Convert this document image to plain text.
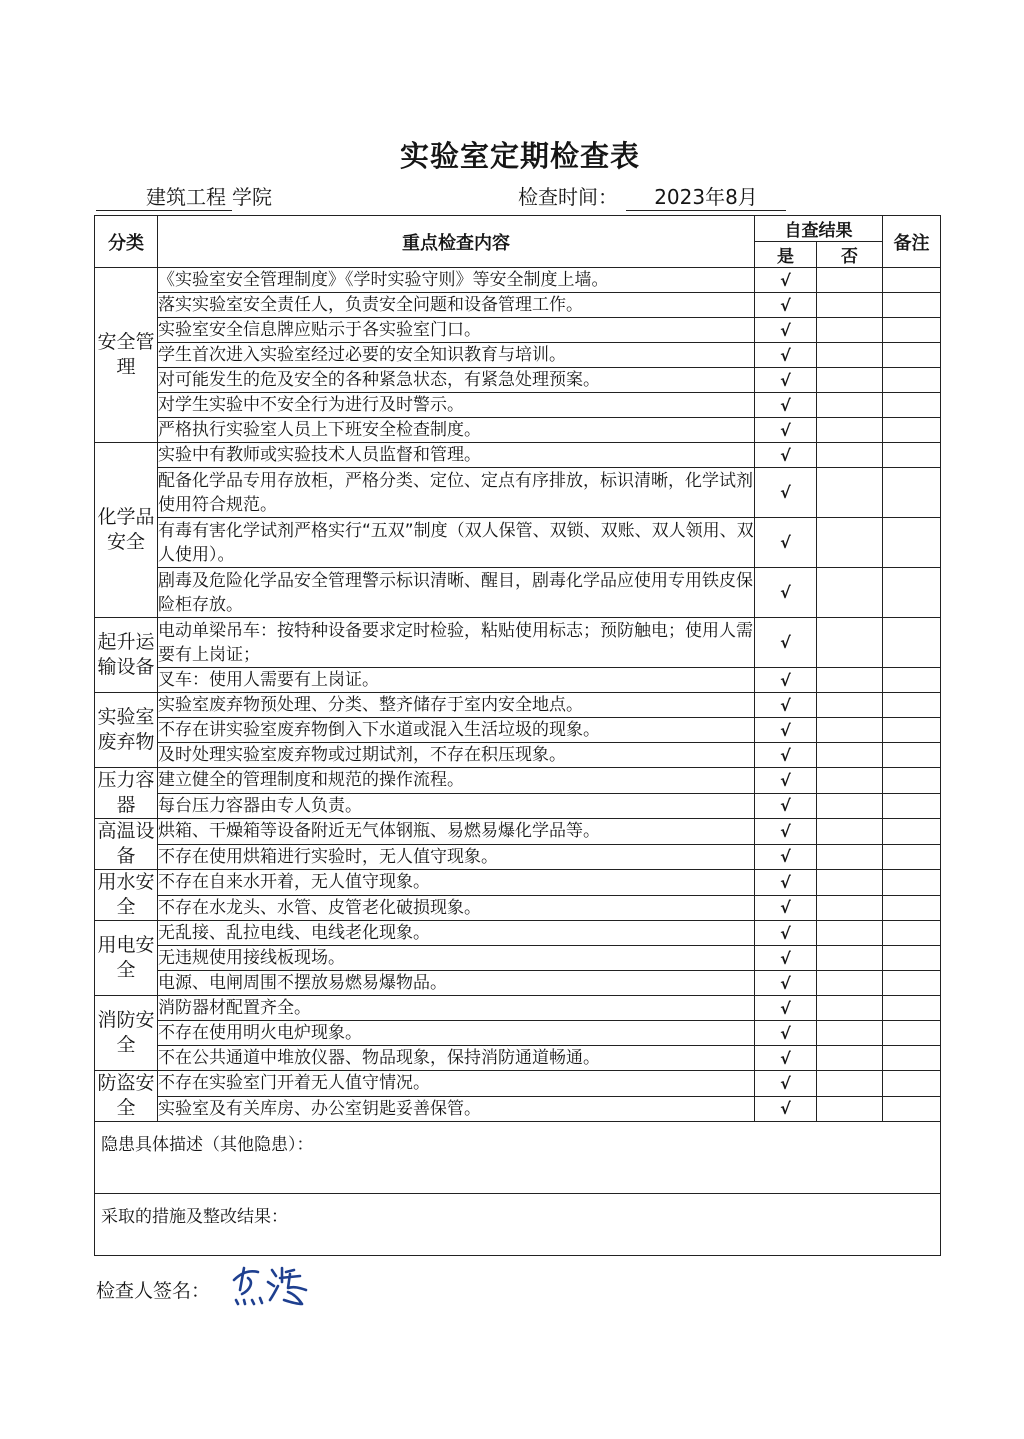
实验室定期检查表
建筑工程 学院	检查时间： 2023年8月
分类	重点检查内容	自查结果		备注
		是	否	
安全管理	《实验室安全管理制度》《学时实验守则》等安全制度上墙。	√		
	落实实验室安全责任人，负责安全问题和设备管理工作。	√		
	实验室安全信息牌应贴示于各实验室门口。	√		
	学生首次进入实验室经过必要的安全知识教育与培训。	√		
	对可能发生的危及安全的各种紧急状态，有紧急处理预案。	√		
	对学生实验中不安全行为进行及时警示。	√		
	严格执行实验室人员上下班安全检查制度。	√		
化学品安全	实验中有教师或实验技术人员监督和管理。	√		
	配备化学品专用存放柜，严格分类、定位、定点有序排放，标识清晰，化学试剂使用符合规范。	√		
	有毒有害化学试剂严格实行“五双”制度（双人保管、双锁、双账、双人领用、双人使用）。	√		
	剧毒及危险化学品安全管理警示标识清晰、醒目，剧毒化学品应使用专用铁皮保险柜存放。	√		
起升运输设备	电动单梁吊车：按特种设备要求定时检验，粘贴使用标志；预防触电；使用人需要有上岗证；	√		
	叉车：使用人需要有上岗证。	√		
实验室废弃物	实验室废弃物预处理、分类、整齐储存于室内安全地点。	√		
	不存在讲实验室废弃物倒入下水道或混入生活垃圾的现象。	√		
	及时处理实验室废弃物或过期试剂，不存在积压现象。	√		
压力容器	建立健全的管理制度和规范的操作流程。	√		
	每台压力容器由专人负责。	√		
高温设备	烘箱、干燥箱等设备附近无气体钢瓶、易燃易爆化学品等。	√		
	不存在使用烘箱进行实验时，无人值守现象。	√		
用水安全	不存在自来水开着，无人值守现象。	√		
	不存在水龙头、水管、皮管老化破损现象。	√		
用电安全	无乱接、乱拉电线、电线老化现象。	√		
	无违规使用接线板现场。	√		
	电源、电闸周围不摆放易燃易爆物品。	√		
消防安全	消防器材配置齐全。	√		
	不存在使用明火电炉现象。	√		
	不在公共通道中堆放仪器、物品现象，保持消防通道畅通。	√		
防盗安全	不存在实验室门开着无人值守情况。	√		
	实验室及有关库房、办公室钥匙妥善保管。	√		
隐患具体描述（其他隐患）：				
采取的措施及整改结果：				
检查人签名：
